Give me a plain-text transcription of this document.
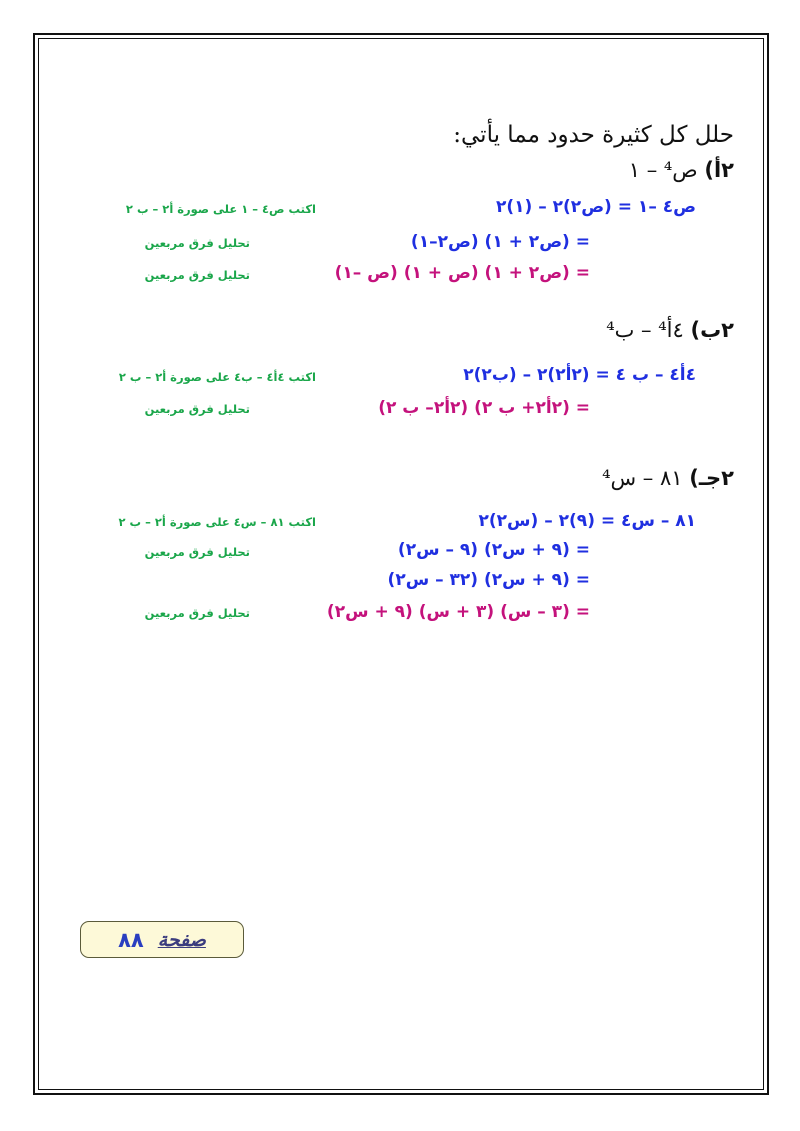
حلل كل كثيرة حدود مما يأتي:
٢أ) ص⁴ – ١
ص٤ –١ = (ص٢)٢ – (١)٢
اكتب ص٤ – ١ على صورة أ٢ – ب ٢
= (ص٢ + ١) (ص٢–١)
تحليل فرق مربعين
= (ص٢ + ١) (ص + ١) (ص –١)
تحليل فرق مربعين
٢ب) ٤أ⁴ – ب⁴
٤أ٤ – ب ٤ = (٢أ٢)٢ – (ب٢)٢
اكتب ٤أ٤ – ب٤ على صورة أ٢ – ب ٢
= (٢أ٢+ ب ٢) (٢أ٢– ب ٢)
تحليل فرق مربعين
٢جـ) ٨١ – س⁴
٨١ – س٤ = (٩)٢ – (س٢)٢
اكتب ٨١ – س٤ على صورة أ٢ – ب ٢
= (٩ + س٢) (٩ – س٢)
تحليل فرق مربعين
= (٩ + س٢) (٣٢ – س٢)
= (٣ – س) (٣ + س) (٩ + س٢)
تحليل فرق مربعين
صفحة
٨٨
